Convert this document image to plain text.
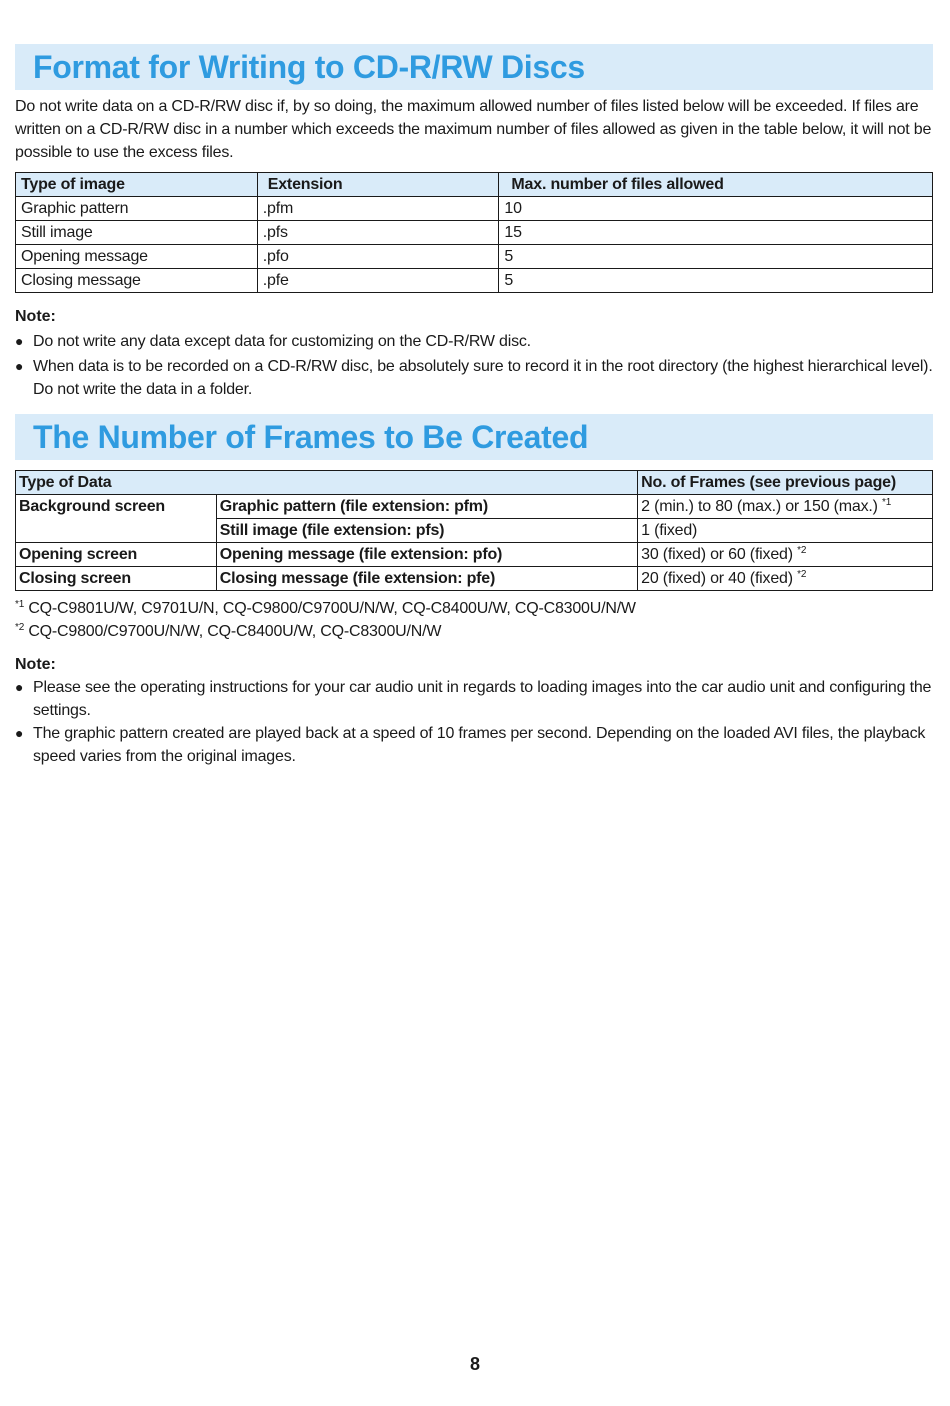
Format for Writing to CD-R/RW Discs

Do not write data on a CD-R/RW disc if, by so doing, the maximum allowed number of files listed below will be exceeded. If files are written on a CD-R/RW disc in a number which exceeds the maximum number of files allowed as given in the table below, it will not be possible to use the excess files.

Type of image	Extension	Max. number of files allowed
Graphic pattern	.pfm	10
Still image	.pfs	15
Opening message	.pfo	5
Closing message	.pfe	5
Note:
● Do not write any data except data for customizing on the CD-R/RW disc.
● When data is to be recorded on a CD-R/RW disc, be absolutely sure to record it in the root directory (the highest hierarchical level). Do not write the data in a folder.
The Number of Frames to Be Created
Type of Data		No. of Frames (see previous page)
Background screen	Graphic pattern (file extension: pfm)	2 (min.) to 80 (max.) or 150 (max.) $^{*1}$
	Still image (file extension: pfs)	1 (fixed)
Opening screen	Opening message (file extension: pfo)	30 (fixed) or 60 (fixed) $^{*2}$
Closing screen	Closing message (file extension: pfe)	20 (fixed) or 40 (fixed) $^{*2}$
$^{*1}$ CQ-C9801U/W, C9701U/N, CQ-C9800/C9700U/N/W, CQ-C8400U/W, CQ-C8300U/N/W
$^{*2}$ CQ-C9800/C9700U/N/W, CQ-C8400U/W, CQ-C8300U/N/W
Note:
● Please see the operating instructions for your car audio unit in regards to loading images into the car audio unit and configuring the settings.
● The graphic pattern created are played back at a speed of 10 frames per second. Depending on the loaded AVI files, the playback speed varies from the original images.
8
